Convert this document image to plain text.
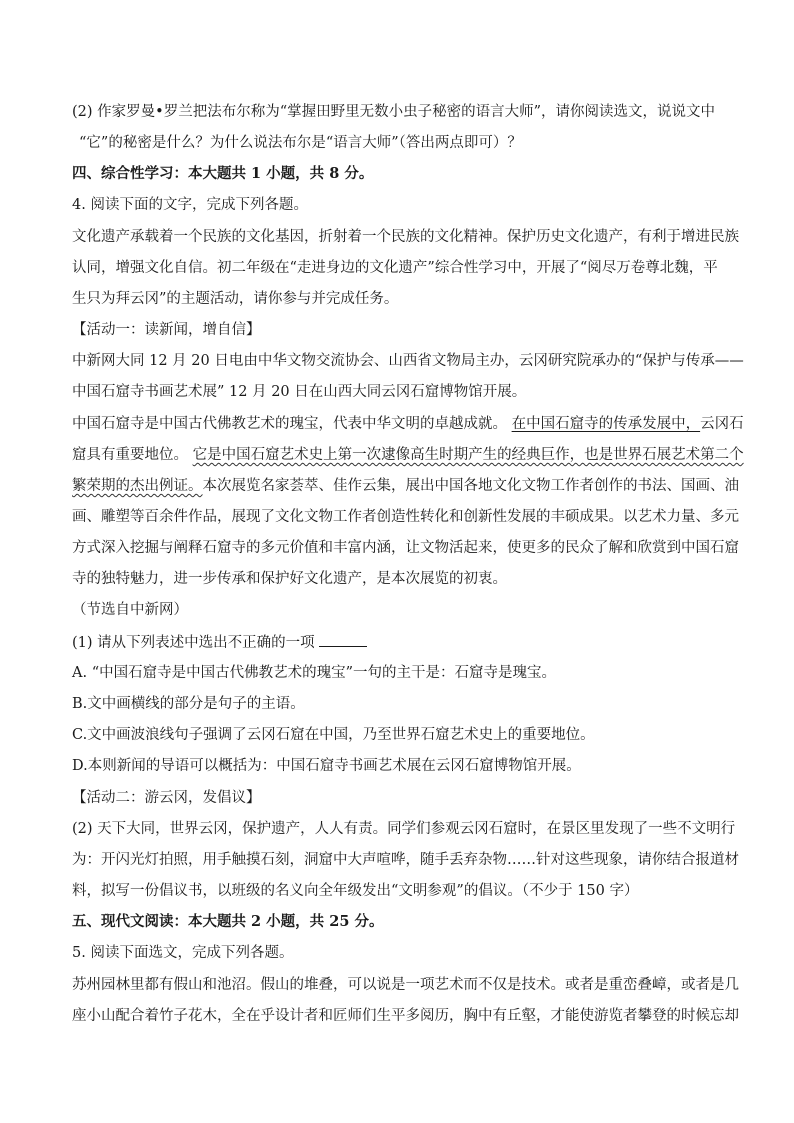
(2) 作家罗曼•罗兰把法布尔称为“掌握田野里无数小虫子秘密的语言大师”，请你阅读选文，说说文中
“它”的秘密是什么？为什么说法布尔是“语言大师”（答出两点即可）？
四、综合性学习：本大题共 1 小题，共 8 分。
4. 阅读下面的文字，完成下列各题。
文化遗产承载着一个民族的文化基因，折射着一个民族的文化精神。保护历史文化遗产，有利于增进民族
认同，增强文化自信。初二年级在“走进身边的文化遗产”综合性学习中，开展了“阅尽万卷尊北魏，平
生只为拜云冈”的主题活动，请你参与并完成任务。
【活动一：读新闻，增自信】
中新网大同 12 月 20 日电由中华文物交流协会、山西省文物局主办，云冈研究院承办的“保护与传承——
中国石窟寺书画艺术展” 12 月 20 日在山西大同云冈石窟博物馆开展。
中国石窟寺是中国古代佛教艺术的瑰宝，代表中华文明的卓越成就。 在中国石窟寺的传承发展中，云冈石
窟具有重要地位。 它是中国石窟艺术史上第一次逮像高生时期产生的经典巨作，也是世界石展艺术第二个
繁荣期的杰出例证。本次展览名家荟萃、佳作云集，展出中国各地文化文物工作者创作的书法、国画、油
画、雕塑等百余件作品，展现了文化文物工作者创造性转化和创新性发展的丰硕成果。以艺术力量、多元
方式深入挖掘与阐释石窟寺的多元价值和丰富内涵，让文物活起来，使更多的民众了解和欣赏到中国石窟
寺的独特魅力，进一步传承和保护好文化遗产，是本次展览的初衷。
（节选自中新网）
(1) 请从下列表述中选出不正确的一项
A. “中国石窟寺是中国古代佛教艺术的瑰宝”一句的主干是：石窟寺是瑰宝。
B.文中画横线的部分是句子的主语。
C.文中画波浪线句子强调了云冈石窟在中国，乃至世界石窟艺术史上的重要地位。
D.本则新闻的导语可以概括为：中国石窟寺书画艺术展在云冈石窟博物馆开展。
【活动二：游云冈，发倡议】
(2) 天下大同，世界云冈，保护遗产，人人有责。同学们参观云冈石窟时，在景区里发现了一些不文明行
为：开闪光灯拍照，用手触摸石刻，洞窟中大声喧哗，随手丢弃杂物……针对这些现象，请你结合报道材
料，拟写一份倡议书，以班级的名义向全年级发出“文明参观”的倡议。（不少于 150 字）
五、现代文阅读：本大题共 2 小题，共 25 分。
5. 阅读下面选文，完成下列各题。
苏州园林里都有假山和池沼。假山的堆叠，可以说是一项艺术而不仅是技术。或者是重峦叠嶂，或者是几
座小山配合着竹子花木，全在乎设计者和匠师们生平多阅历，胸中有丘壑，才能使游览者攀登的时候忘却
